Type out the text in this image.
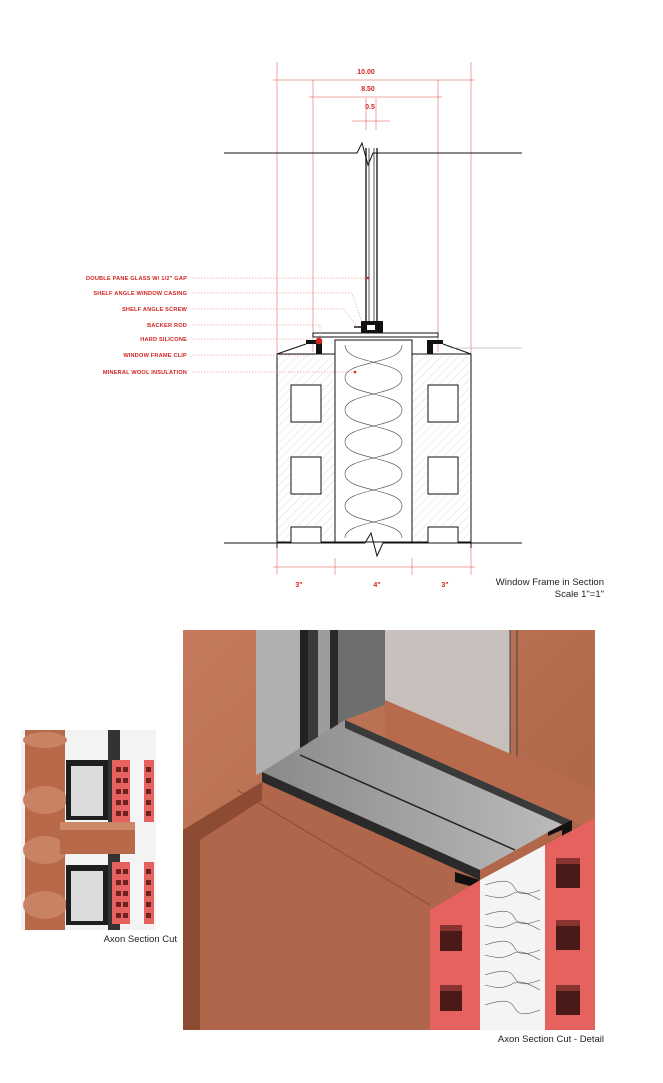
10.00
8.50
0.5
3"	4"	3"
DOUBLE PANE GLASS W/ 1/2" GAP
SHELF ANGLE WINDOW CASING
SHELF ANGLE SCREW
BACKER ROD
HARD SILICONE
WINDOW FRAME CLIP
MINERAL WOOL INSULATION
Window Frame in Section
Scale 1"=1"
Axon Section Cut
Axon Section Cut - Detail
